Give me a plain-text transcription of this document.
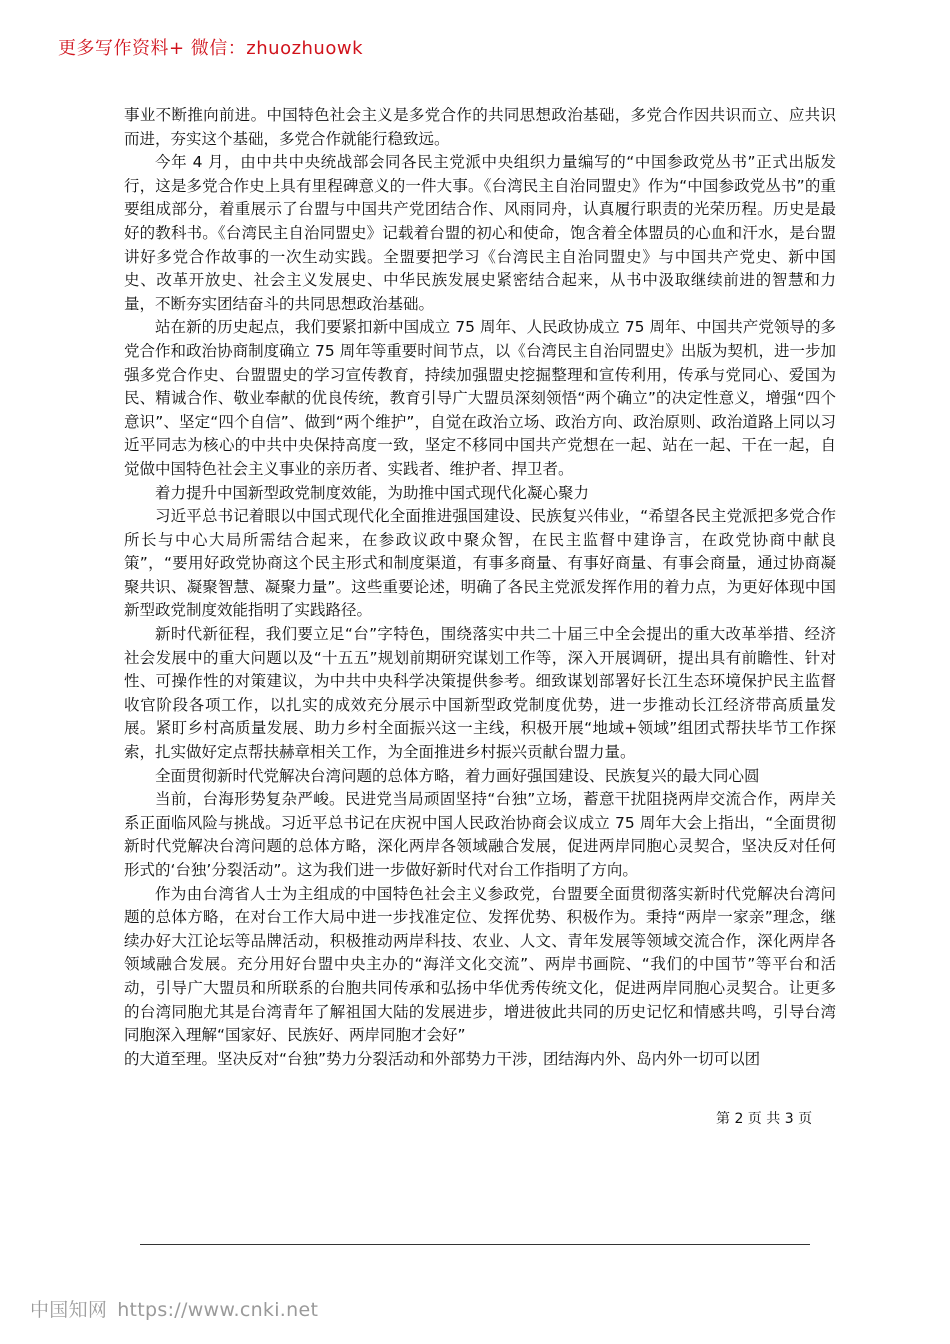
更多写作资料+ 微信：zhuozhuowk

事业不断推向前进。中国特色社会主义是多党合作的共同思想政治基础，多党合作因共识而立、应共识而进，夯实这个基础，多党合作就能行稳致远。

今年 4 月，由中共中央统战部会同各民主党派中央组织力量编写的“中国参政党丛书”正式出版发行，这是多党合作史上具有里程碑意义的一件大事。《台湾民主自治同盟史》作为“中国参政党丛书”的重要组成部分，着重展示了台盟与中国共产党团结合作、风雨同舟，认真履行职责的光荣历程。历史是最好的教科书。《台湾民主自治同盟史》记载着台盟的初心和使命，饱含着全体盟员的心血和汗水，是台盟讲好多党合作故事的一次生动实践。全盟要把学习《台湾民主自治同盟史》与中国共产党史、新中国史、改革开放史、社会主义发展史、中华民族发展史紧密结合起来，从书中汲取继续前进的智慧和力量，不断夯实团结奋斗的共同思想政治基础。

站在新的历史起点，我们要紧扣新中国成立 75 周年、人民政协成立 75 周年、中国共产党领导的多党合作和政治协商制度确立 75 周年等重要时间节点，以《台湾民主自治同盟史》出版为契机，进一步加强多党合作史、台盟盟史的学习宣传教育，持续加强盟史挖掘整理和宣传利用，传承与党同心、爱国为民、精诚合作、敬业奉献的优良传统，教育引导广大盟员深刻领悟“两个确立”的决定性意义，增强“四个意识”、坚定“四个自信”、做到“两个维护”，自觉在政治立场、政治方向、政治原则、政治道路上同以习近平同志为核心的中共中央保持高度一致，坚定不移同中国共产党想在一起、站在一起、干在一起，自觉做中国特色社会主义事业的亲历者、实践者、维护者、捍卫者。

着力提升中国新型政党制度效能，为助推中国式现代化凝心聚力

习近平总书记着眼以中国式现代化全面推进强国建设、民族复兴伟业，“希望各民主党派把多党合作所长与中心大局所需结合起来，在参政议政中聚众智，在民主监督中建诤言，在政党协商中献良策”，“要用好政党协商这个民主形式和制度渠道，有事多商量、有事好商量、有事会商量，通过协商凝聚共识、凝聚智慧、凝聚力量”。这些重要论述，明确了各民主党派发挥作用的着力点，为更好体现中国新型政党制度效能指明了实践路径。

新时代新征程，我们要立足“台”字特色，围绕落实中共二十届三中全会提出的重大改革举措、经济社会发展中的重大问题以及“十五五”规划前期研究谋划工作等，深入开展调研，提出具有前瞻性、针对性、可操作性的对策建议，为中共中央科学决策提供参考。细致谋划部署好长江生态环境保护民主监督收官阶段各项工作，以扎实的成效充分展示中国新型政党制度优势，进一步推动长江经济带高质量发展。紧盯乡村高质量发展、助力乡村全面振兴这一主线，积极开展“地域+领域”组团式帮扶毕节工作探索，扎实做好定点帮扶赫章相关工作，为全面推进乡村振兴贡献台盟力量。

全面贯彻新时代党解决台湾问题的总体方略，着力画好强国建设、民族复兴的最大同心圆

当前，台海形势复杂严峻。民进党当局顽固坚持“台独”立场，蓄意干扰阻挠两岸交流合作，两岸关系正面临风险与挑战。习近平总书记在庆祝中国人民政治协商会议成立 75 周年大会上指出，“全面贯彻新时代党解决台湾问题的总体方略，深化两岸各领域融合发展，促进两岸同胞心灵契合，坚决反对任何形式的‘台独’分裂活动”。这为我们进一步做好新时代对台工作指明了方向。

作为由台湾省人士为主组成的中国特色社会主义参政党，台盟要全面贯彻落实新时代党解决台湾问题的总体方略，在对台工作大局中进一步找准定位、发挥优势、积极作为。秉持“两岸一家亲”理念，继续办好大江论坛等品牌活动，积极推动两岸科技、农业、人文、青年发展等领域交流合作，深化两岸各领域融合发展。充分用好台盟中央主办的“海洋文化交流”、两岸书画院、“我们的中国节”等平台和活动，引导广大盟员和所联系的台胞共同传承和弘扬中华优秀传统文化，促进两岸同胞心灵契合。让更多的台湾同胞尤其是台湾青年了解祖国大陆的发展进步，增进彼此共同的历史记忆和情感共鸣，引导台湾同胞深入理解“国家好、民族好、两岸同胞才会好”

的大道至理。坚决反对“台独”势力分裂活动和外部势力干涉，团结海内外、岛内外一切可以团

第 2 页 共 3 页
中国知网 https://www.cnki.net
